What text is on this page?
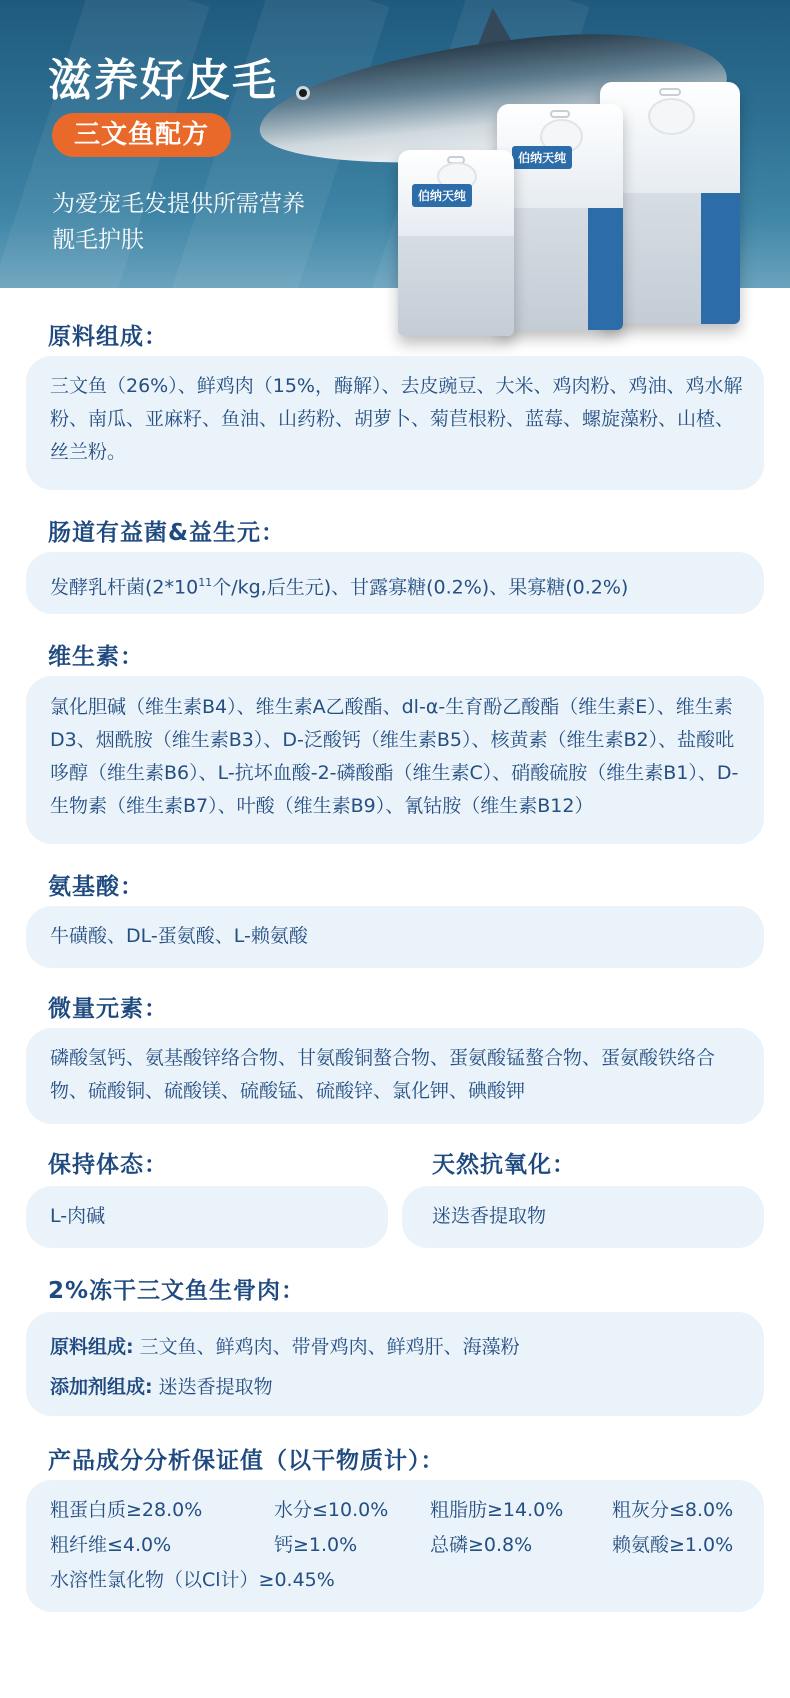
滋养好皮毛
三文鱼配方
为爱宠毛发提供所需营养
靓毛护肤
伯纳天纯
伯纳天纯
原料组成：
三文鱼（26%）、鲜鸡肉（15%，酶解）、去皮豌豆、大米、鸡肉粉、鸡油、鸡水解粉、南瓜、亚麻籽、鱼油、山药粉、胡萝卜、菊苣根粉、蓝莓、螺旋藻粉、山楂、丝兰粉。
肠道有益菌&益生元：
发酵乳杆菌($2*10^{11}$个/kg,后生元)、甘露寡糖(0.2%)、果寡糖(0.2%)
维生素：
氯化胆碱（维生素B4）、维生素A乙酸酯、dl-α-生育酚乙酸酯（维生素E）、维生素D3、烟酰胺（维生素B3）、D-泛酸钙（维生素B5）、核黄素（维生素B2）、盐酸吡哆醇（维生素B6）、L-抗坏血酸-2-磷酸酯（维生素C）、硝酸硫胺（维生素B1）、D-生物素（维生素B7）、叶酸（维生素B9）、氰钴胺（维生素B12）
氨基酸：
牛磺酸、DL-蛋氨酸、L-赖氨酸
微量元素：
磷酸氢钙、氨基酸锌络合物、甘氨酸铜螯合物、蛋氨酸锰螯合物、蛋氨酸铁络合物、硫酸铜、硫酸镁、硫酸锰、硫酸锌、氯化钾、碘酸钾
保持体态：
L-肉碱
天然抗氧化：
迷迭香提取物
2%冻干三文鱼生骨肉：
原料组成: 三文鱼、鲜鸡肉、带骨鸡肉、鲜鸡肝、海藻粉
添加剂组成: 迷迭香提取物
产品成分分析保证值（以干物质计）：
粗蛋白质≥28.0%	水分≤10.0% 粗脂肪≥14.0%	粗灰分≤8.0%
粗纤维≤4.0%	钙≥1.0%	总磷≥0.8%	赖氨酸≥1.0%
水溶性氯化物（以Cl计）≥0.45%
